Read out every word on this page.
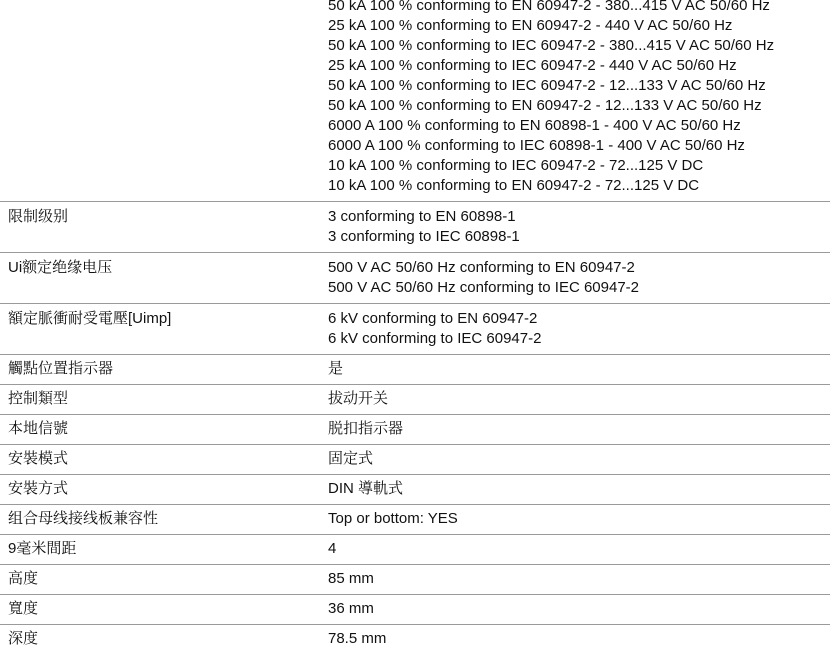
50 kA 100 % conforming to EN 60947-2 - 380...415 V AC 50/60 Hz
25 kA 100 % conforming to EN 60947-2 - 440 V AC 50/60 Hz
50 kA 100 % conforming to IEC 60947-2 - 380...415 V AC 50/60 Hz
25 kA 100 % conforming to IEC 60947-2 - 440 V AC 50/60 Hz
50 kA 100 % conforming to IEC 60947-2 - 12...133 V AC 50/60 Hz
50 kA 100 % conforming to EN 60947-2 - 12...133 V AC 50/60 Hz
6000 A 100 % conforming to EN 60898-1 - 400 V AC 50/60 Hz
6000 A 100 % conforming to IEC 60898-1 - 400 V AC 50/60 Hz
10 kA 100 % conforming to IEC 60947-2 - 72...125 V DC
10 kA 100 % conforming to EN 60947-2 - 72...125 V DC
限制级别	3 conforming to EN 60898-1
3 conforming to IEC 60898-1
Ui额定绝缘电压	500 V AC 50/60 Hz conforming to EN 60947-2
500 V AC 50/60 Hz conforming to IEC 60947-2
額定脈衝耐受電壓[Uimp]	6 kV conforming to EN 60947-2
6 kV conforming to IEC 60947-2
觸點位置指示器	是
控制類型	拔动开关
本地信號	脱扣指示器
安裝模式	固定式
安裝方式	DIN 導軌式
组合母线接线板兼容性	Top or bottom: YES
9毫米間距	4
高度	85 mm
寬度	36 mm
深度	78.5 mm
